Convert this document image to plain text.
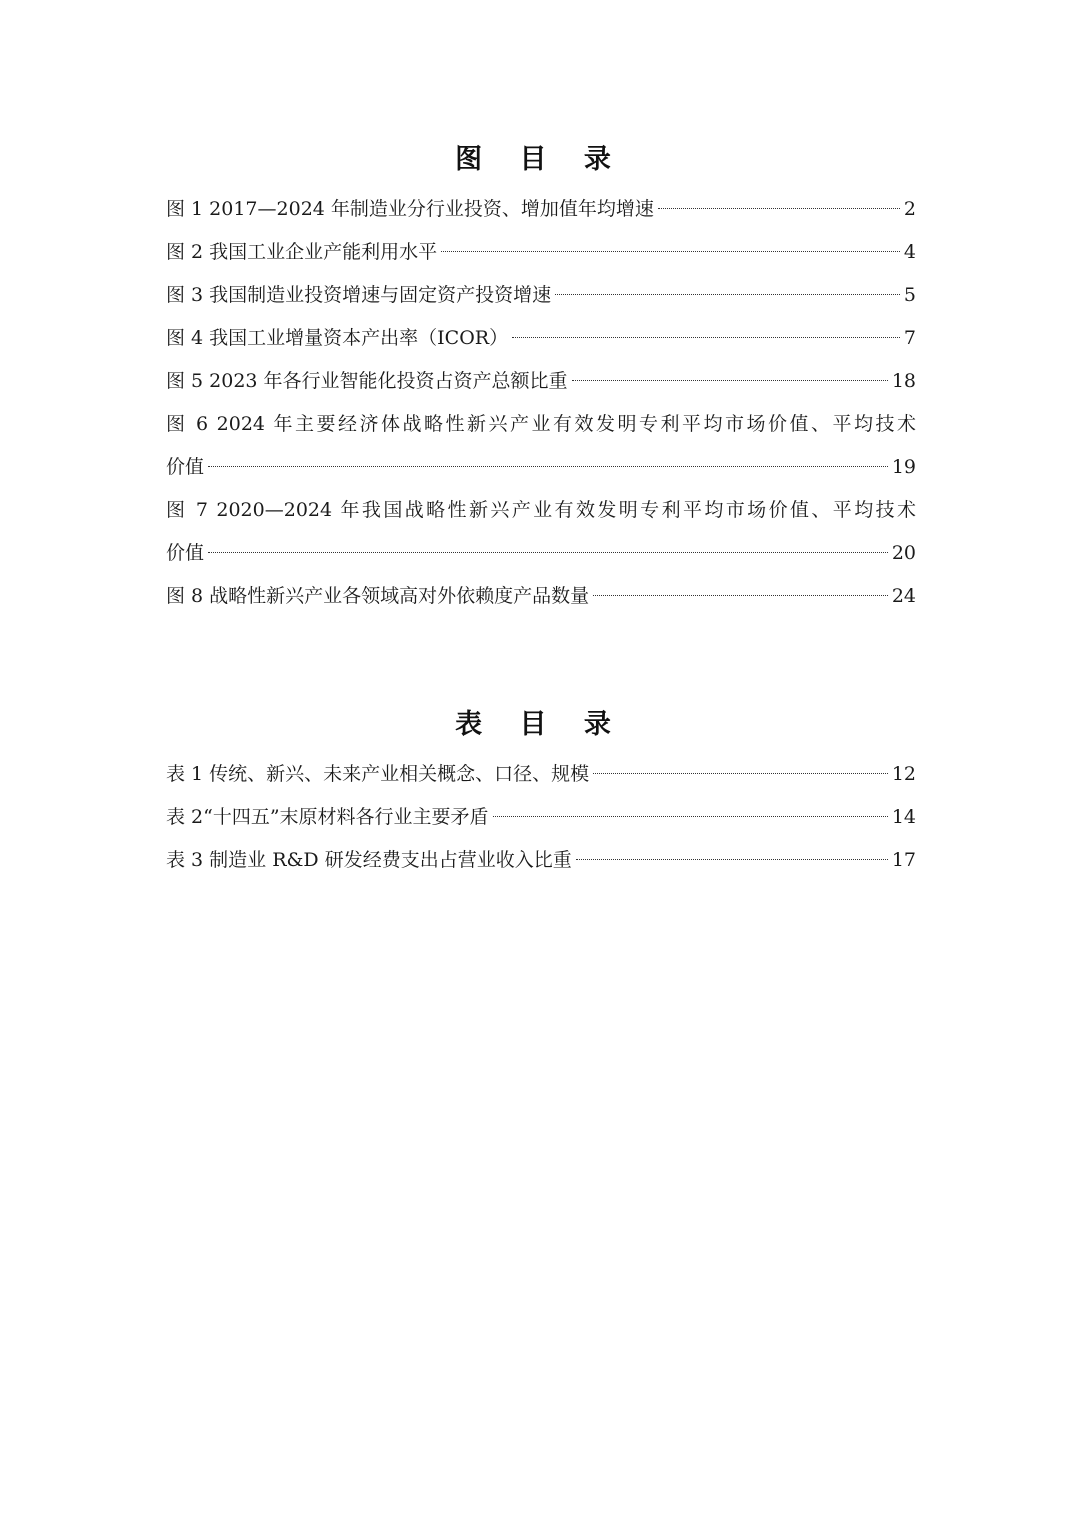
图 目 录
图 1 2017—2024 年制造业分行业投资、增加值年均增速	2
图 2 我国工业企业产能利用水平	4
图 3 我国制造业投资增速与固定资产投资增速	5
图 4 我国工业增量资本产出率（ICOR）	7
图 5 2023 年各行业智能化投资占资产总额比重	18
图 6 2024 年主要经济体战略性新兴产业有效发明专利平均市场价值、平均技术
价值	19
图 7 2020—2024 年我国战略性新兴产业有效发明专利平均市场价值、平均技术
价值	20
图 8 战略性新兴产业各领域高对外依赖度产品数量	24
表 目 录
表 1 传统、新兴、未来产业相关概念、口径、规模	12
表 2“十四五”末原材料各行业主要矛盾	14
表 3 制造业 R&D 研发经费支出占营业收入比重	17
